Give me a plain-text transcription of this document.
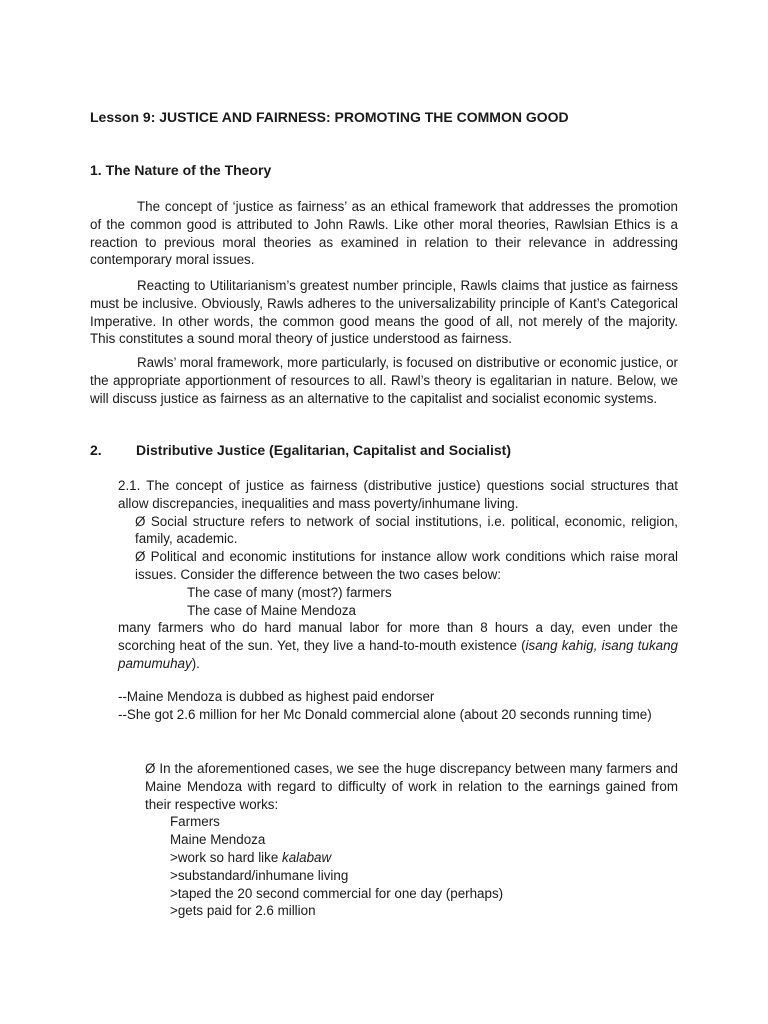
Lesson 9: JUSTICE AND FAIRNESS: PROMOTING THE COMMON GOOD
1. The Nature of the Theory
The concept of ‘justice as fairness’ as an ethical framework that addresses the promotion of the common good is attributed to John Rawls. Like other moral theories, Rawlsian Ethics is a reaction to previous moral theories as examined in relation to their relevance in addressing contemporary moral issues.
Reacting to Utilitarianism’s greatest number principle, Rawls claims that justice as fairness must be inclusive. Obviously, Rawls adheres to the universalizability principle of Kant’s Categorical Imperative. In other words, the common good means the good of all, not merely of the majority. This constitutes a sound moral theory of justice understood as fairness.
Rawls’ moral framework, more particularly, is focused on distributive or economic justice, or the appropriate apportionment of resources to all. Rawl’s theory is egalitarian in nature. Below, we will discuss justice as fairness as an alternative to the capitalist and socialist economic systems.
2. Distributive Justice (Egalitarian, Capitalist and Socialist)
2.1. The concept of justice as fairness (distributive justice) questions social structures that allow discrepancies, inequalities and mass poverty/inhumane living.
Ø Social structure refers to network of social institutions, i.e. political, economic, religion, family, academic.
Ø Political and economic institutions for instance allow work conditions which raise moral issues. Consider the difference between the two cases below:
The case of many (most?) farmers
The case of Maine Mendoza
many farmers who do hard manual labor for more than 8 hours a day, even under the scorching heat of the sun. Yet, they live a hand-to-mouth existence (isang kahig, isang tukang pamumuhay).
--Maine Mendoza is dubbed as highest paid endorser
--She got 2.6 million for her Mc Donald commercial alone (about 20 seconds running time)
Ø In the aforementioned cases, we see the huge discrepancy between many farmers and Maine Mendoza with regard to difficulty of work in relation to the earnings gained from their respective works:
Farmers
Maine Mendoza
>work so hard like kalabaw
>substandard/inhumane living
>taped the 20 second commercial for one day (perhaps)
>gets paid for 2.6 million
